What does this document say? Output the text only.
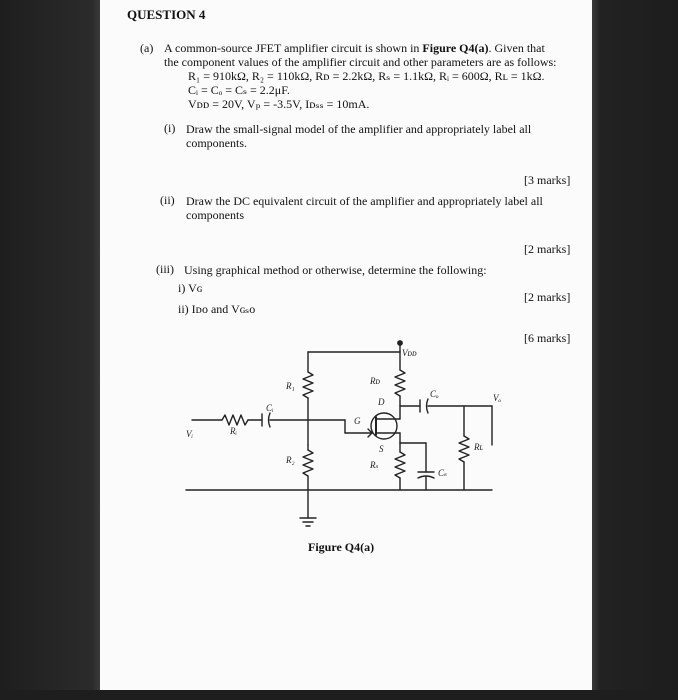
QUESTION 4
(a) A common-source JFET amplifier circuit is shown in Figure Q4(a). Given that
the component values of the amplifier circuit and other parameters are as follows:
R₁ = 910kΩ, R₂ = 110kΩ, Rᴅ = 2.2kΩ, Rₛ = 1.1kΩ, Rᵢ = 600Ω, Rʟ = 1kΩ.
Cᵢ = Cₒ = Cₛ = 2.2μF.
Vᴅᴅ = 20V, Vₚ = -3.5V, Iᴅₛₛ = 10mA.
(i) Draw the small-signal model of the amplifier and appropriately label all
components.
[3 marks]
(ii) Draw the DC equivalent circuit of the amplifier and appropriately label all
components
[2 marks]
(iii) Using graphical method or otherwise, determine the following:
i) Vɢ
[2 marks]
ii) Iᴅᴏ and Vɢₛᴏ
[6 marks]
Vᴅᴅ
R₁
R₂
Rᴅ
Rₛ
Rᵢ
Rʟ
Cᵢ
Cₒ
Cₛ
Vᵢ
Vₒ
D
G
S
Figure Q4(a)
